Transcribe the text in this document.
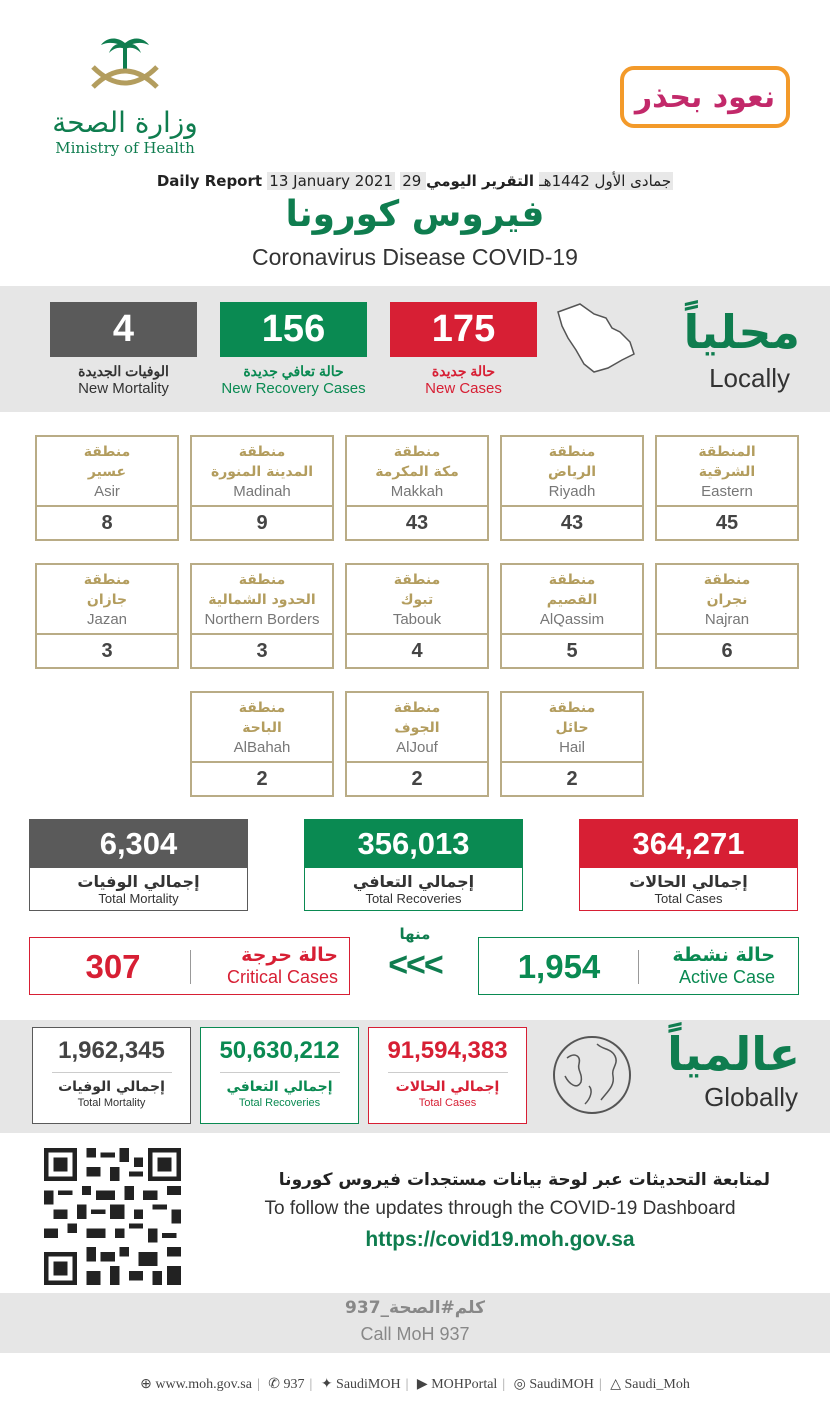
وزارة الصحة
Ministry of Health
نعود بحذر
Daily Report 13 January 2021 29 جمادى الأول 1442هـ التقرير اليومي
فيروس كورونا
Coronavirus Disease COVID-19
4
الوفيات الجديدة
New Mortality
156
حالة تعافي جديدة
New Recovery Cases
175
حالة جديدة
New Cases
محلياً
Locally
المنطقة
الشرقية
Eastern
45
منطقة
الرياض
Riyadh
43
منطقة
مكة المكرمة
Makkah
43
منطقة
المدينة المنورة
Madinah
9
منطقة
عسير
Asir
8
منطقة
نجران
Najran
6
منطقة
القصيم
AlQassim
5
منطقة
تبوك
Tabouk
4
منطقة
الحدود الشمالية
Northern Borders
3
منطقة
جازان
Jazan
3
منطقة
حائل
Hail
2
منطقة
الجوف
AlJouf
2
منطقة
الباحة
AlBahah
2
6,304
إجمالي الوفيات
Total Mortality
356,013
إجمالي التعافي
Total Recoveries
364,271
إجمالي الحالات
Total Cases
307	حالة حرجة
Critical Cases
منها
<<<	1,954	حالة نشطة
Active Case
1,962,345
إجمالي الوفيات
Total Mortality
50,630,212
إجمالي التعافي
Total Recoveries
91,594,383
إجمالي الحالات
Total Cases
عالمياً
Globally
لمتابعة التحديثات عبر لوحة بيانات مستجدات فيروس كورونا
To follow the updates through the COVID-19 Dashboard
https://covid19.moh.gov.sa
كلم#الصحة_937
Call MoH 937
⊕ www.moh.gov.sa | ✆ 937 | ✦ SaudiMOH | ▶ MOHPortal | ◎ SaudiMOH | △ Saudi_Moh
